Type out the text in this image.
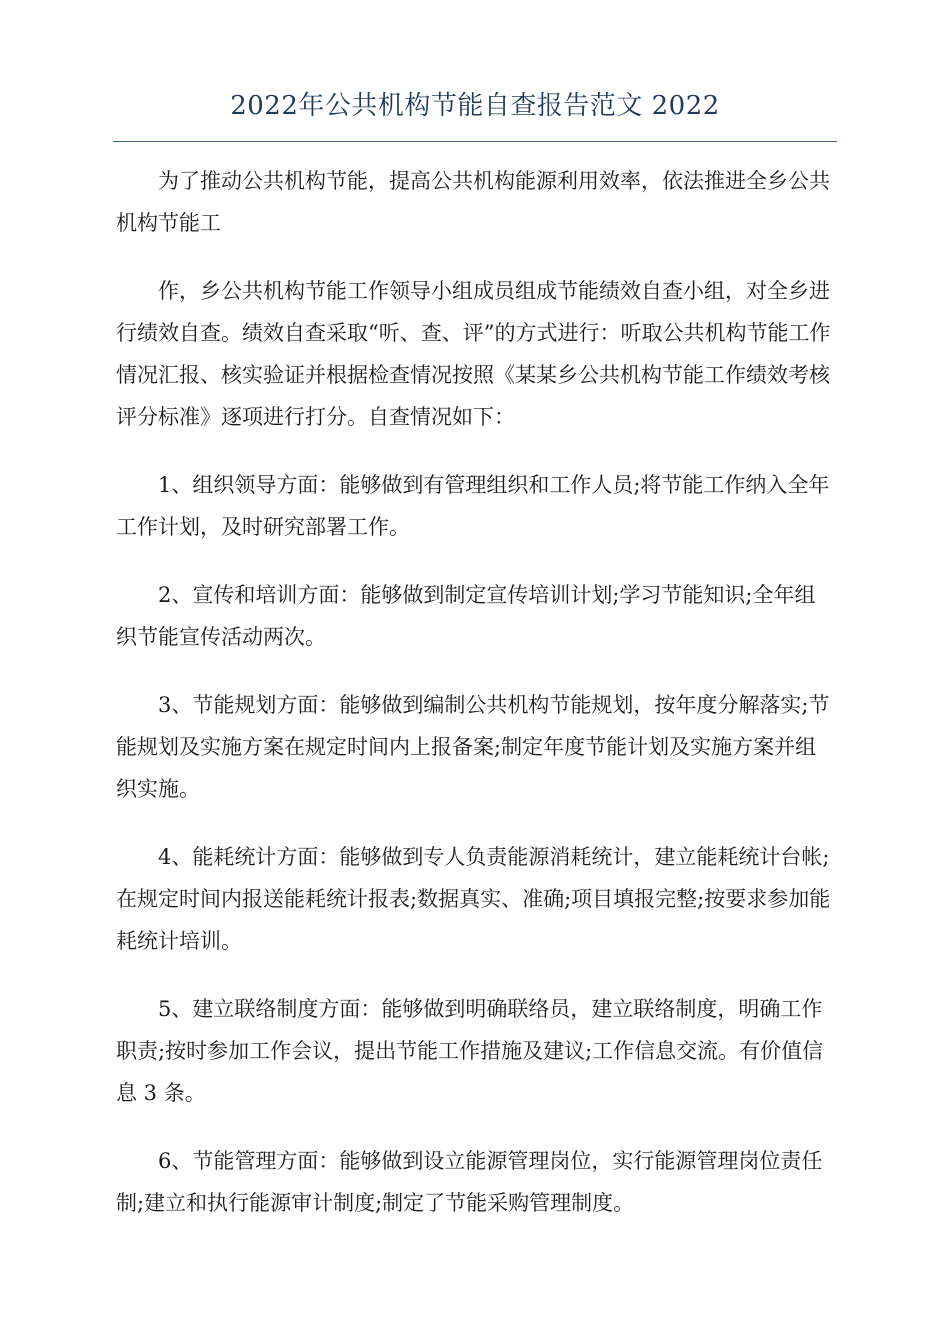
2022年公共机构节能自查报告范文 2022

为了推动公共机构节能，提高公共机构能源利用效率，依法推进全乡公共机构节能工

作，乡公共机构节能工作领导小组成员组成节能绩效自查小组，对全乡进行绩效自查。绩效自查采取“听、查、评”的方式进行：听取公共机构节能工作情况汇报、核实验证并根据检查情况按照《某某乡公共机构节能工作绩效考核评分标准》逐项进行打分。自查情况如下：

1、组织领导方面：能够做到有管理组织和工作人员;将节能工作纳入全年工作计划，及时研究部署工作。

2、宣传和培训方面：能够做到制定宣传培训计划;学习节能知识;全年组织节能宣传活动两次。

3、节能规划方面：能够做到编制公共机构节能规划，按年度分解落实;节能规划及实施方案在规定时间内上报备案;制定年度节能计划及实施方案并组织实施。

4、能耗统计方面：能够做到专人负责能源消耗统计，建立能耗统计台帐;在规定时间内报送能耗统计报表;数据真实、准确;项目填报完整;按要求参加能耗统计培训。

5、建立联络制度方面：能够做到明确联络员，建立联络制度，明确工作职责;按时参加工作会议，提出节能工作措施及建议;工作信息交流。有价值信息 3 条。

6、节能管理方面：能够做到设立能源管理岗位，实行能源管理岗位责任制;建立和执行能源审计制度;制定了节能采购管理制度。
